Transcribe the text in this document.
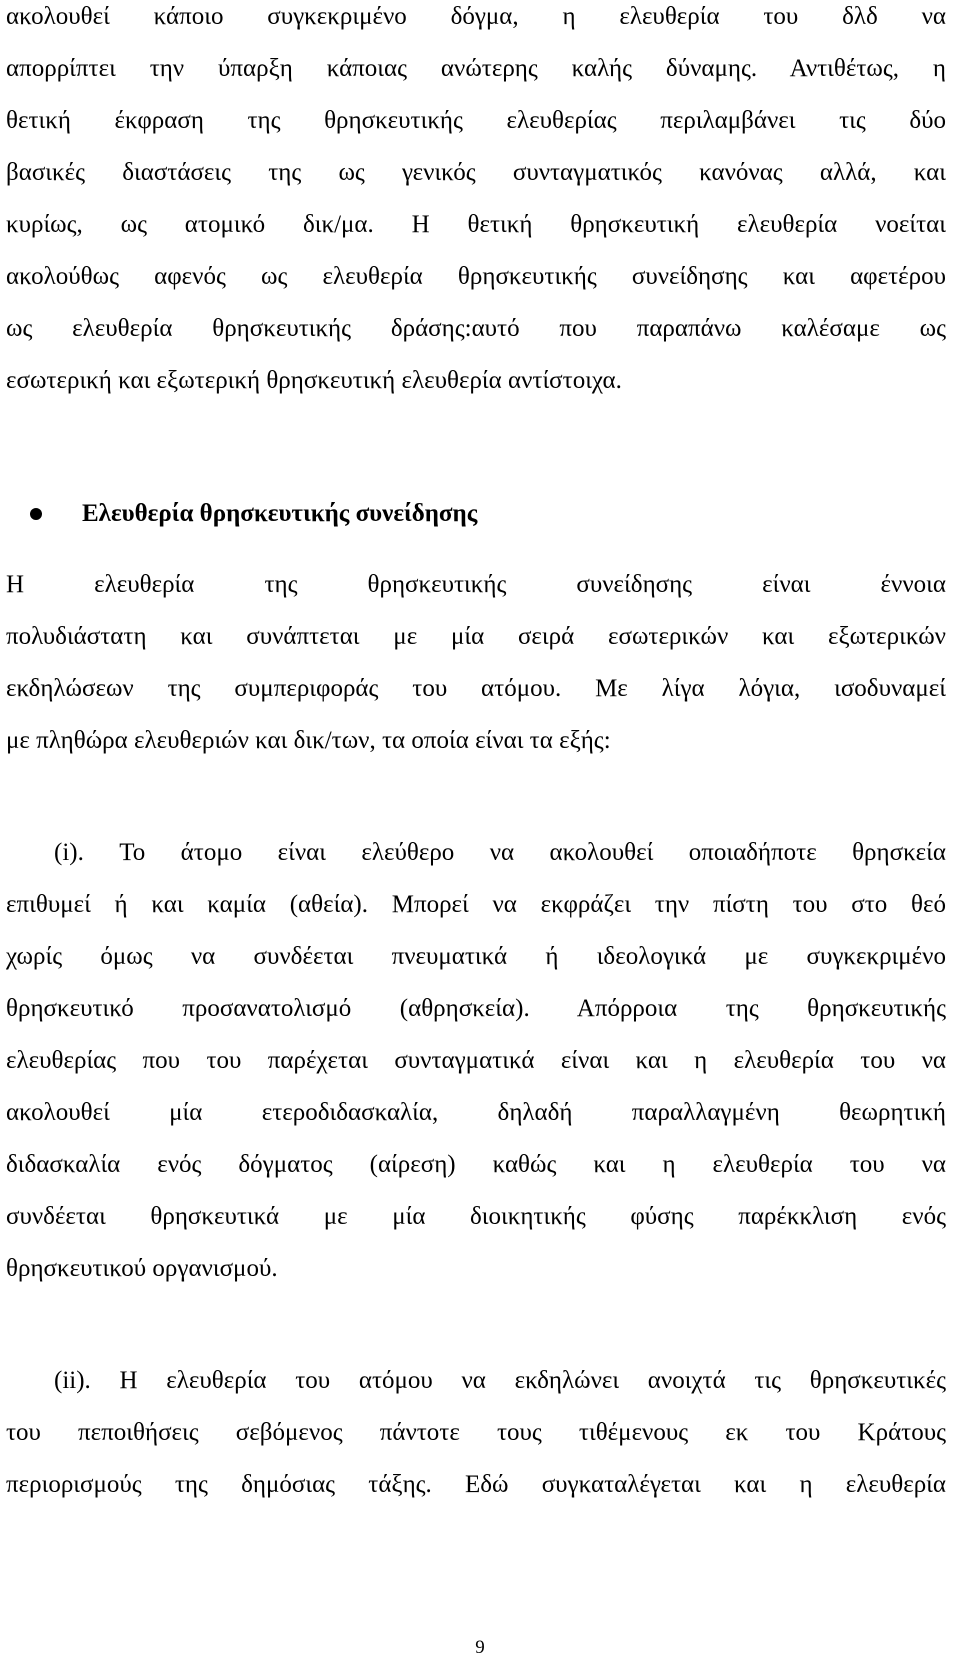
ακολουθεί κάποιο συγκεκριμένο δόγμα, η ελευθερία του δλδ να
απορρίπτει την ύπαρξη κάποιας ανώτερης καλής δύναμης. Αντιθέτως, η
θετική έκφραση της θρησκευτικής ελευθερίας περιλαμβάνει τις δύο
βασικές διαστάσεις της ως γενικός συνταγματικός κανόνας αλλά, και
κυρίως, ως ατομικό δικ/μα. Η θετική θρησκευτική ελευθερία νοείται
ακολούθως αφενός ως ελευθερία θρησκευτικής συνείδησης και αφετέρου
ως ελευθερία θρησκευτικής δράσης:αυτό που παραπάνω καλέσαμε ως
εσωτερική και εξωτερική θρησκευτική ελευθερία αντίστοιχα.
Ελευθερία θρησκευτικής συνείδησης
Η ελευθερία της θρησκευτικής συνείδησης είναι έννοια
πολυδιάστατη και συνάπτεται με μία σειρά εσωτερικών και εξωτερικών
εκδηλώσεων της συμπεριφοράς του ατόμου. Με λίγα λόγια, ισοδυναμεί
με πληθώρα ελευθεριών και δικ/των, τα οποία είναι τα εξής:
(i). Το άτομο είναι ελεύθερο να ακολουθεί οποιαδήποτε θρησκεία
επιθυμεί ή και καμία (αθεία). Μπορεί να εκφράζει την πίστη του στο θεό
χωρίς όμως να συνδέεται πνευματικά ή ιδεολογικά με συγκεκριμένο
θρησκευτικό προσανατολισμό (αθρησκεία). Απόρροια της θρησκευτικής
ελευθερίας που του παρέχεται συνταγματικά είναι και η ελευθερία του να
ακολουθεί μία ετεροδιδασκαλία, δηλαδή παραλλαγμένη θεωρητική
διδασκαλία ενός δόγματος (αίρεση) καθώς και η ελευθερία του να
συνδέεται θρησκευτικά με μία διοικητικής φύσης παρέκκλιση ενός
θρησκευτικού οργανισμού.
(ii). Η ελευθερία του ατόμου να εκδηλώνει ανοιχτά τις θρησκευτικές
του πεποιθήσεις σεβόμενος πάντοτε τους τιθέμενους εκ του Κράτους
περιορισμούς της δημόσιας τάξης. Εδώ συγκαταλέγεται και η ελευθερία
9
